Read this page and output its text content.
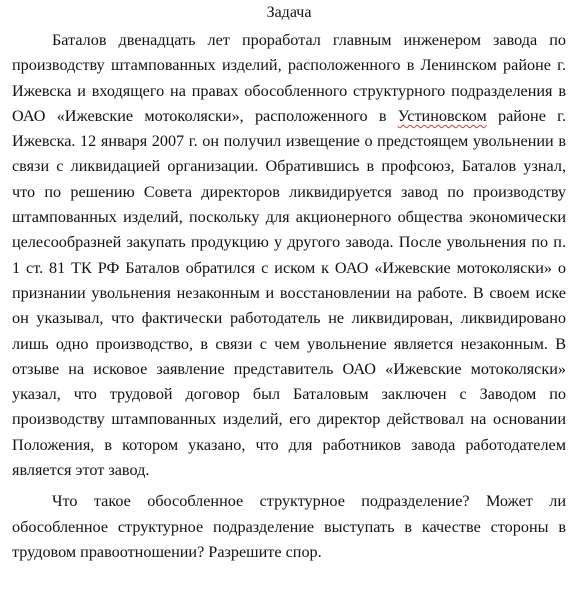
Задача

Баталов двенадцать лет проработал главным инженером завода по производству штампованных изделий, расположенного в Ленинском районе г. Ижевска и входящего на правах обособленного структурного подразделения в ОАО «Ижевские мотоколяски», расположенного в Устиновском районе г. Ижевска. 12 января 2007 г. он получил извещение о предстоящем увольнении в связи с ликвидацией организации. Обратившись в профсоюз, Баталов узнал, что по решению Совета директоров ликвидируется завод по производству штампованных изделий, поскольку для акционерного общества экономически целесообразней закупать продукцию у другого завода. После увольнения по п. 1 ст. 81 ТК РФ Баталов обратился с иском к ОАО «Ижевские мотоколяски» о признании увольнения незаконным и восстановлении на работе. В своем иске он указывал, что фактически работодатель не ликвидирован, ликвидировано лишь одно производство, в связи с чем увольнение является незаконным. В отзыве на исковое заявление представитель ОАО «Ижевские мотоколяски» указал, что трудовой договор был Баталовым заключен с Заводом по производству штампованных изделий, его директор действовал на основании Положения, в котором указано, что для работников завода работодателем является этот завод.

Что такое обособленное структурное подразделение? Может ли обособленное структурное подразделение выступать в качестве стороны в трудовом правоотношении? Разрешите спор.
